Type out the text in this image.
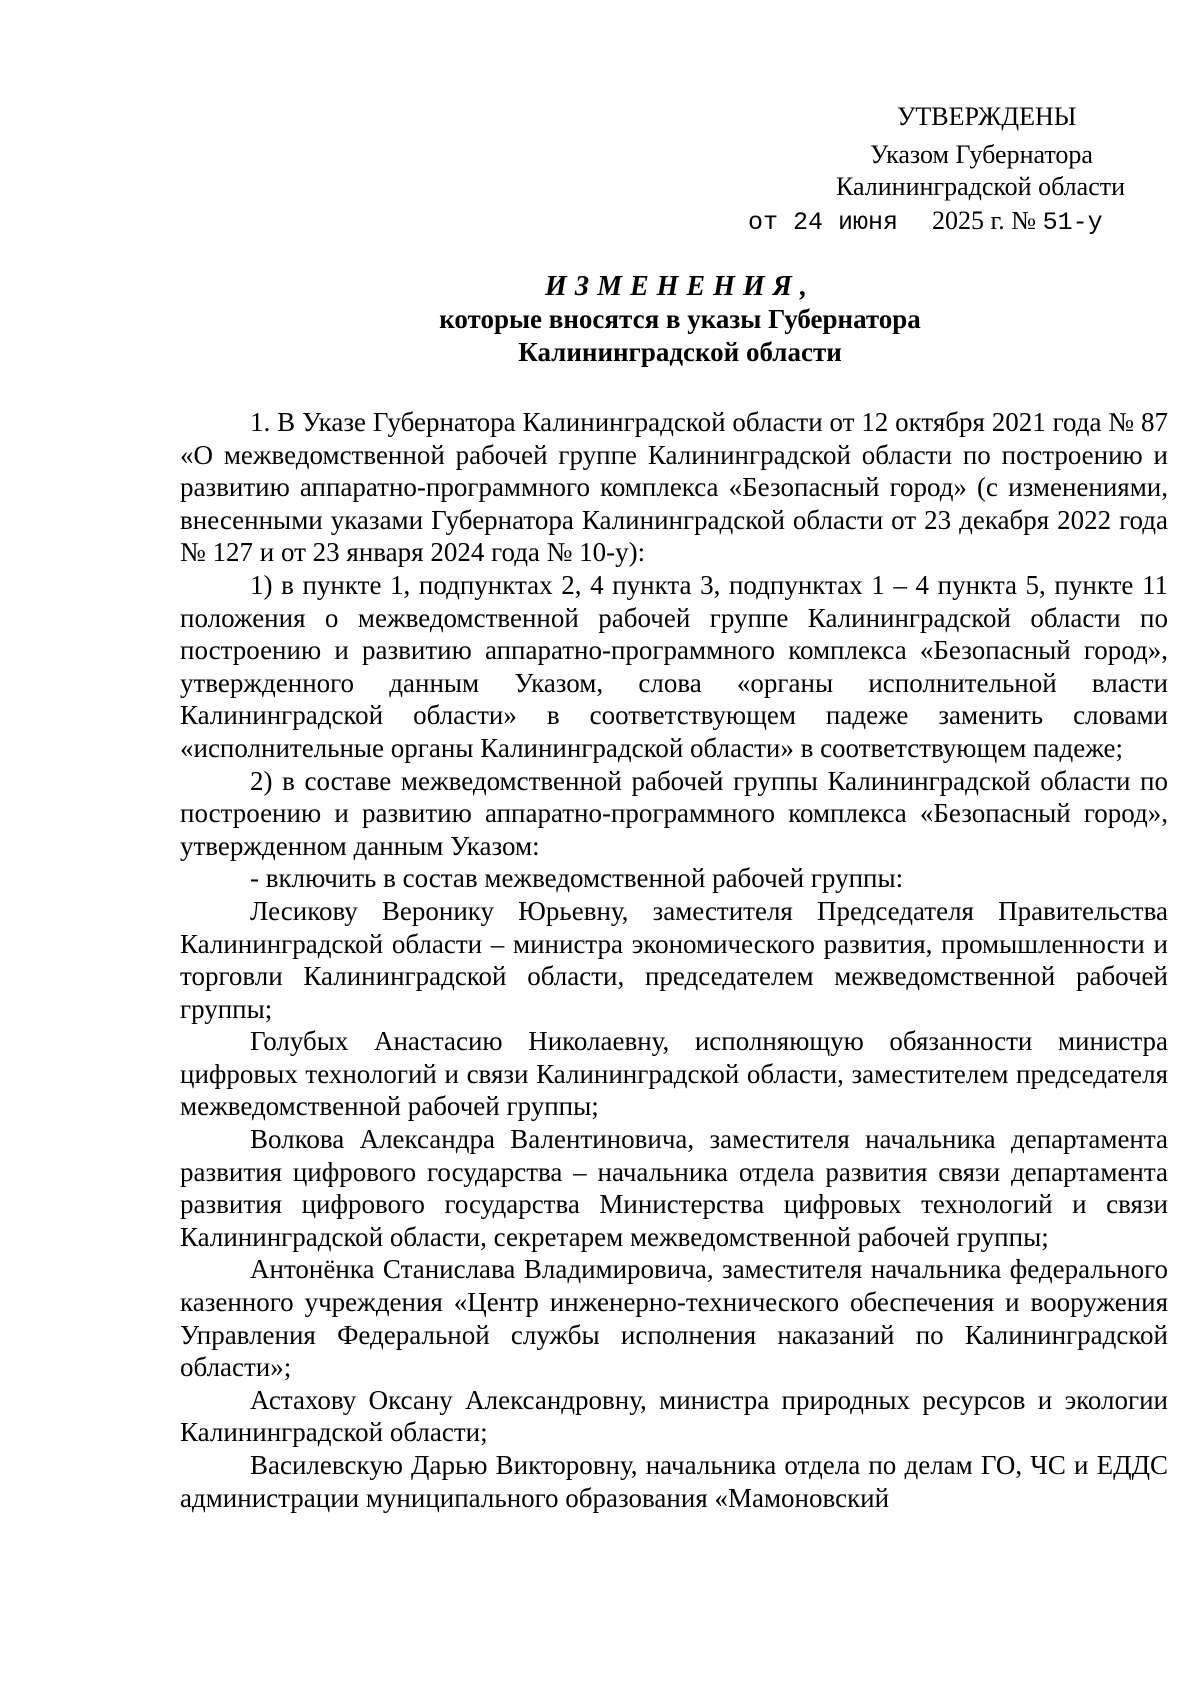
УТВЕРЖДЕНЫ
Указом Губернатора
Калининградской области
от 24 июня 2025 г. № 51-у
ИЗМЕНЕНИЯ,
которые вносятся в указы Губернатора
Калининградской области

1. В Указе Губернатора Калининградской области от 12 октября 2021 года № 87 «О межведомственной рабочей группе Калининградской области по построению и развитию аппаратно-программного комплекса «Безопасный город» (с изменениями, внесенными указами Губернатора Калининградской области от 23 декабря 2022 года № 127 и от 23 января 2024 года № 10-у):

1) в пункте 1, подпунктах 2, 4 пункта 3, подпунктах 1 – 4 пункта 5, пункте 11 положения о межведомственной рабочей группе Калининградской области по построению и развитию аппаратно-программного комплекса «Безопасный город», утвержденного данным Указом, слова «органы исполнительной власти Калининградской области» в соответствующем падеже заменить словами «исполнительные органы Калининградской области» в соответствующем падеже;

2) в составе межведомственной рабочей группы Калининградской области по построению и развитию аппаратно-программного комплекса «Безопасный город», утвержденном данным Указом:

- включить в состав межведомственной рабочей группы:

Лесикову Веронику Юрьевну, заместителя Председателя Правительства Калининградской области – министра экономического развития, промышленности и торговли Калининградской области, председателем межведомственной рабочей группы;

Голубых Анастасию Николаевну, исполняющую обязанности министра цифровых технологий и связи Калининградской области, заместителем председателя межведомственной рабочей группы;

Волкова Александра Валентиновича, заместителя начальника департамента развития цифрового государства – начальника отдела развития связи департамента развития цифрового государства Министерства цифровых технологий и связи Калининградской области, секретарем межведомственной рабочей группы;

Антонёнка Станислава Владимировича, заместителя начальника федерального казенного учреждения «Центр инженерно-технического обеспечения и вооружения Управления Федеральной службы исполнения наказаний по Калининградской области»;

Астахову Оксану Александровну, министра природных ресурсов и экологии Калининградской области;

Василевскую Дарью Викторовну, начальника отдела по делам ГО, ЧС и ЕДДС администрации муниципального образования «Мамоновский
